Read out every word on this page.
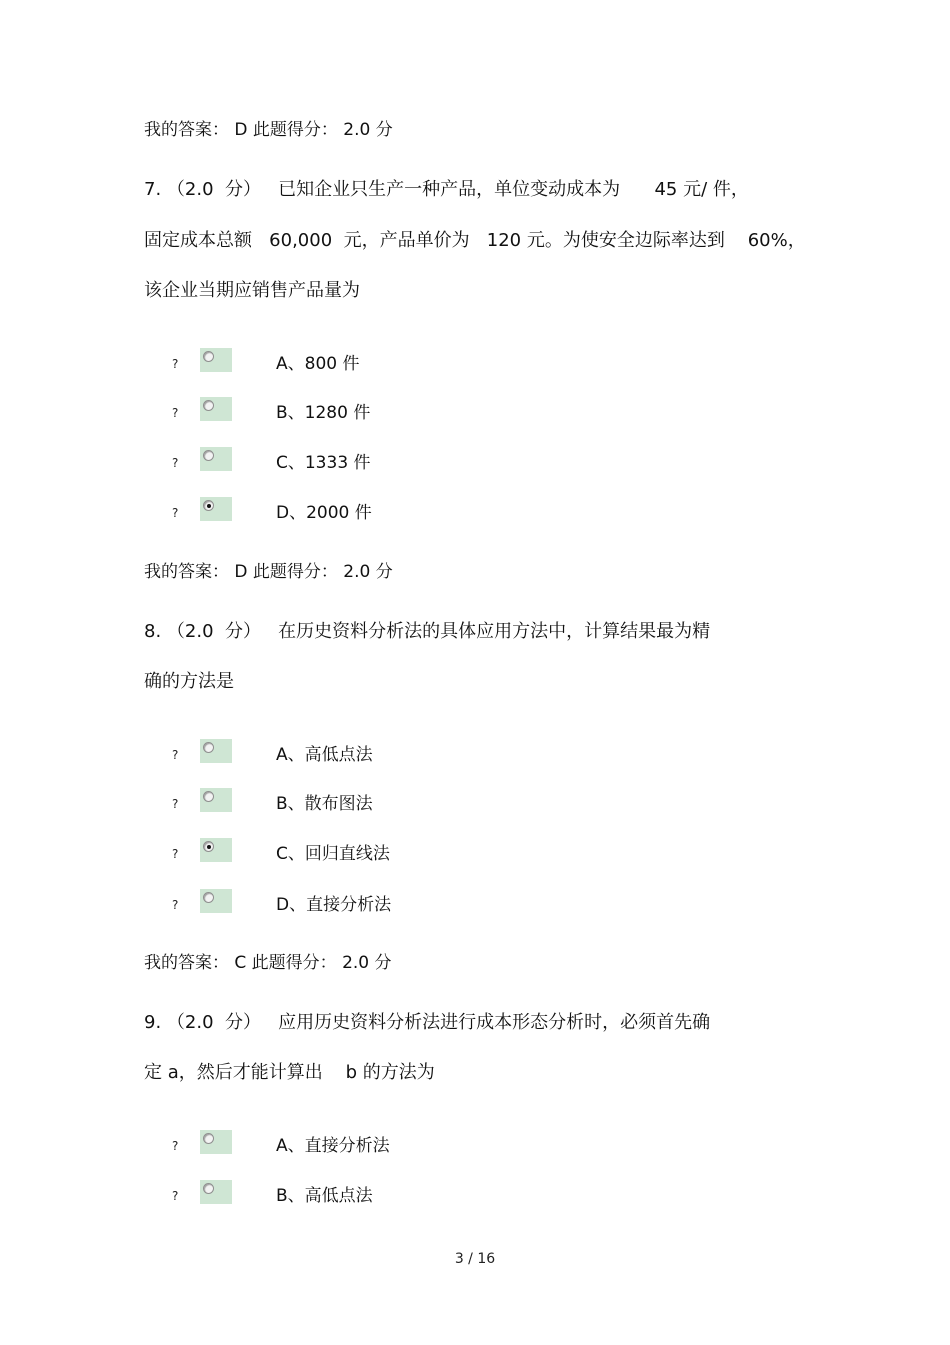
我的答案： D 此题得分： 2.0 分
7. （2.0  分）   已知企业只生产一种产品，单位变动成本为      45 元/ 件，
固定成本总额   60,000  元，产品单价为   120 元。为使安全边际率达到    60%，
该企业当期应销售产品量为
?	A、800 件
?	B、1280 件
?	C、1333 件
?	D、2000 件
我的答案： D 此题得分： 2.0 分
8. （2.0  分）   在历史资料分析法的具体应用方法中，计算结果最为精
确的方法是
?	A、高低点法
?	B、散布图法
?	C、回归直线法
?	D、直接分析法
我的答案： C 此题得分： 2.0 分
9. （2.0  分）   应用历史资料分析法进行成本形态分析时，必须首先确
定 a，然后才能计算出    b 的方法为
?	A、直接分析法
?	B、高低点法
3 / 16
